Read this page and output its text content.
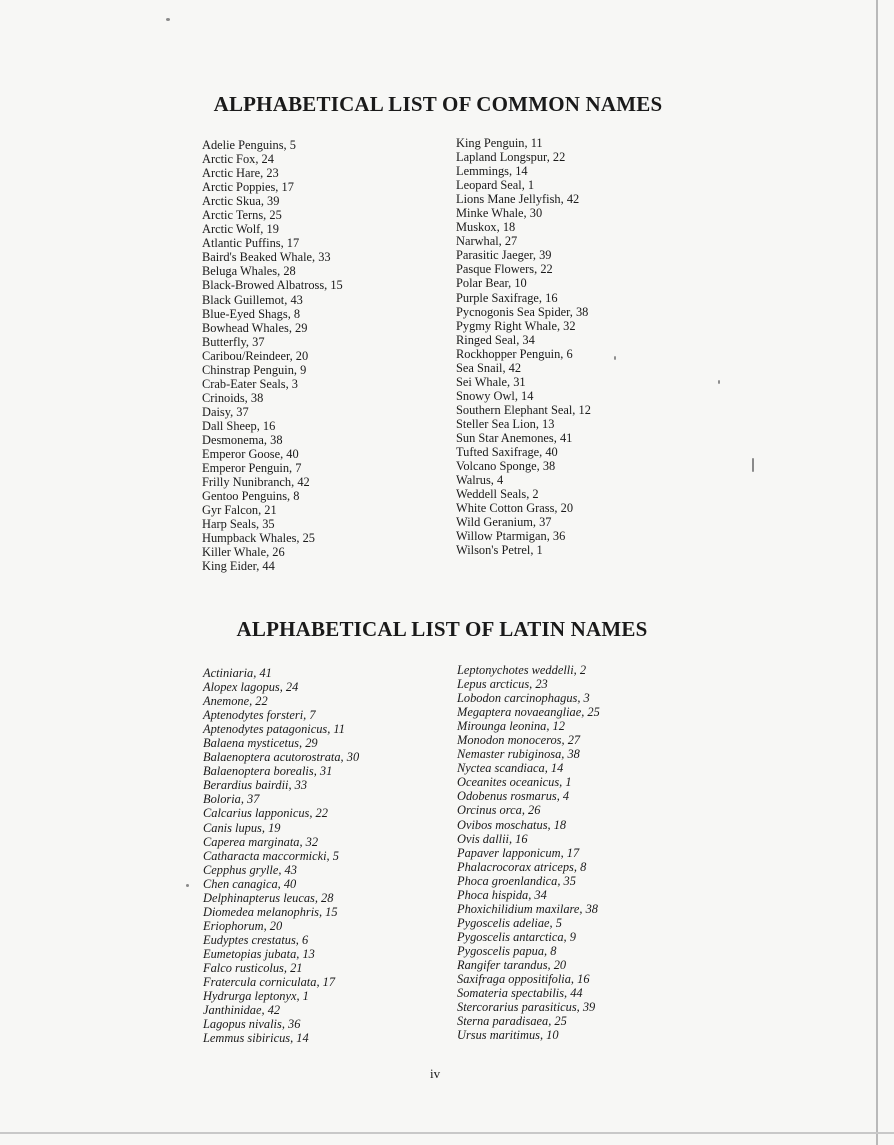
ALPHABETICAL LIST OF COMMON NAMES
Adelie Penguins, 5
Arctic Fox, 24
Arctic Hare, 23
Arctic Poppies, 17
Arctic Skua, 39
Arctic Terns, 25
Arctic Wolf, 19
Atlantic Puffins, 17
Baird's Beaked Whale, 33
Beluga Whales, 28
Black-Browed Albatross, 15
Black Guillemot, 43
Blue-Eyed Shags, 8
Bowhead Whales, 29
Butterfly, 37
Caribou/Reindeer, 20
Chinstrap Penguin, 9
Crab-Eater Seals, 3
Crinoids, 38
Daisy, 37
Dall Sheep, 16
Desmonema, 38
Emperor Goose, 40
Emperor Penguin, 7
Frilly Nunibranch, 42
Gentoo Penguins, 8
Gyr Falcon, 21
Harp Seals, 35
Humpback Whales, 25
Killer Whale, 26
King Eider, 44
King Penguin, 11
Lapland Longspur, 22
Lemmings, 14
Leopard Seal, 1
Lions Mane Jellyfish, 42
Minke Whale, 30
Muskox, 18
Narwhal, 27
Parasitic Jaeger, 39
Pasque Flowers, 22
Polar Bear, 10
Purple Saxifrage, 16
Pycnogonis Sea Spider, 38
Pygmy Right Whale, 32
Ringed Seal, 34
Rockhopper Penguin, 6
Sea Snail, 42
Sei Whale, 31
Snowy Owl, 14
Southern Elephant Seal, 12
Steller Sea Lion, 13
Sun Star Anemones, 41
Tufted Saxifrage, 40
Volcano Sponge, 38
Walrus, 4
Weddell Seals, 2
White Cotton Grass, 20
Wild Geranium, 37
Willow Ptarmigan, 36
Wilson's Petrel, 1
ALPHABETICAL LIST OF LATIN NAMES
Actiniaria, 41
Alopex lagopus, 24
Anemone, 22
Aptenodytes forsteri, 7
Aptenodytes patagonicus, 11
Balaena mysticetus, 29
Balaenoptera acutorostrata, 30
Balaenoptera borealis, 31
Berardius bairdii, 33
Boloria, 37
Calcarius lapponicus, 22
Canis lupus, 19
Caperea marginata, 32
Catharacta maccormicki, 5
Cepphus grylle, 43
Chen canagica, 40
Delphinapterus leucas, 28
Diomedea melanophris, 15
Eriophorum, 20
Eudyptes crestatus, 6
Eumetopias jubata, 13
Falco rusticolus, 21
Fratercula corniculata, 17
Hydrurga leptonyx, 1
Janthinidae, 42
Lagopus nivalis, 36
Lemmus sibiricus, 14
Leptonychotes weddelli, 2
Lepus arcticus, 23
Lobodon carcinophagus, 3
Megaptera novaeangliae, 25
Mirounga leonina, 12
Monodon monoceros, 27
Nemaster rubiginosa, 38
Nyctea scandiaca, 14
Oceanites oceanicus, 1
Odobenus rosmarus, 4
Orcinus orca, 26
Ovibos moschatus, 18
Ovis dallii, 16
Papaver lapponicum, 17
Phalacrocorax atriceps, 8
Phoca groenlandica, 35
Phoca hispida, 34
Phoxichilidium maxilare, 38
Pygoscelis adeliae, 5
Pygoscelis antarctica, 9
Pygoscelis papua, 8
Rangifer tarandus, 20
Saxifraga oppositifolia, 16
Somateria spectabilis, 44
Stercorarius parasiticus, 39
Sterna paradisaea, 25
Ursus maritimus, 10
iv
